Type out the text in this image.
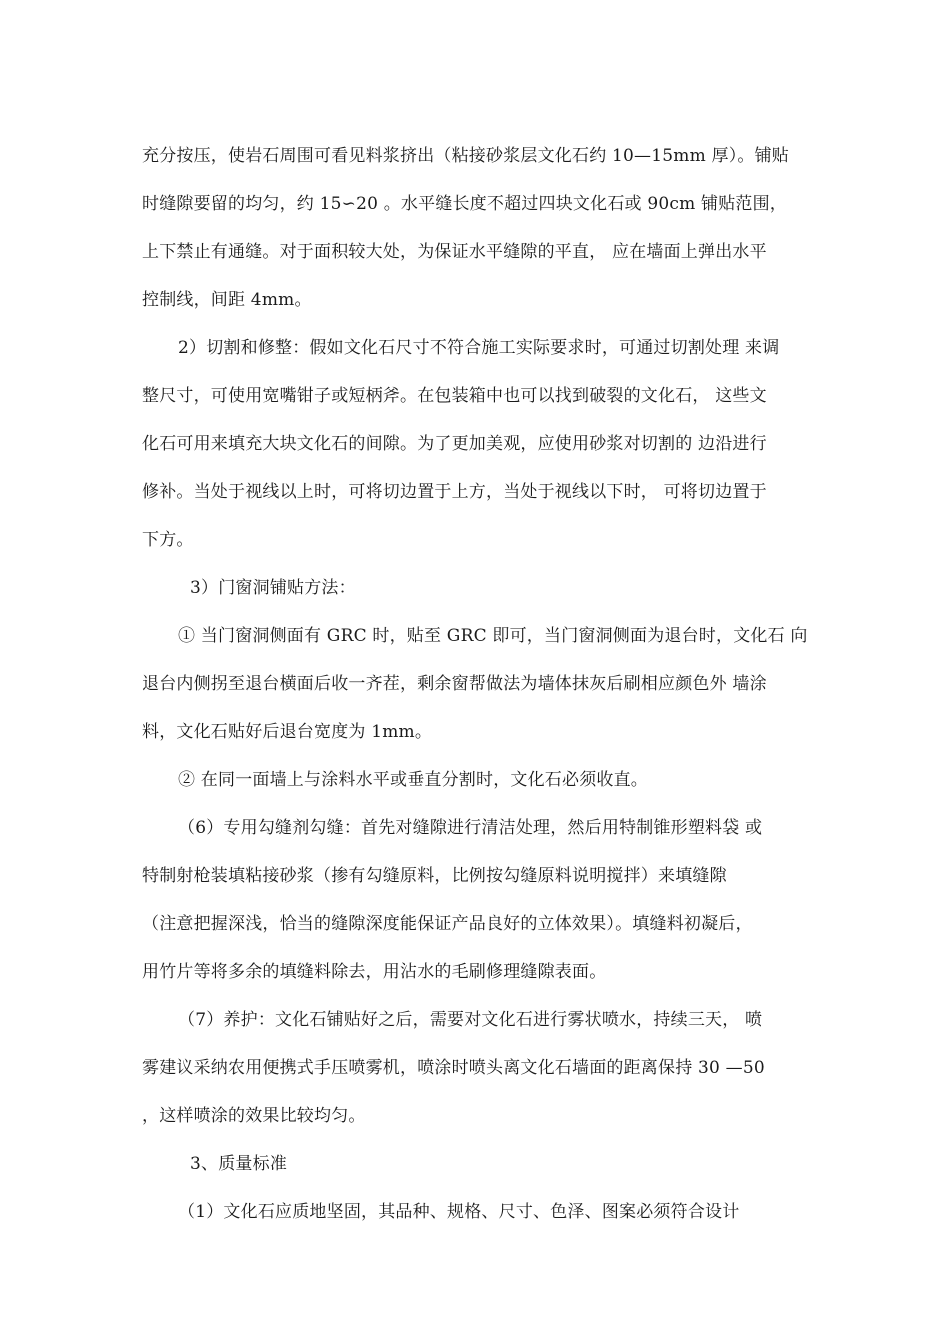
充分按压，使岩石周围可看见料浆挤出（粘接砂浆层文化石约 10—15mm 厚）。铺贴
时缝隙要留的均匀，约 15∽20 。水平缝长度不超过四块文化石或 90cm 铺贴范围，
上下禁止有通缝。对于面积较大处，为保证水平缝隙的平直， 应在墙面上弹出水平
控制线，间距 4mm。
2）切割和修整：假如文化石尺寸不符合施工实际要求时，可通过切割处理 来调
整尺寸，可使用宽嘴钳子或短柄斧。在包装箱中也可以找到破裂的文化石， 这些文
化石可用来填充大块文化石的间隙。为了更加美观，应使用砂浆对切割的 边沿进行
修补。当处于视线以上时，可将切边置于上方，当处于视线以下时， 可将切边置于
下方。
3）门窗洞铺贴方法：
① 当门窗洞侧面有 GRC 时，贴至 GRC 即可，当门窗洞侧面为退台时，文化石 向
退台内侧拐至退台横面后收一齐茬，剩余窗帮做法为墙体抹灰后刷相应颜色外 墙涂
料，文化石贴好后退台宽度为 1mm。
② 在同一面墙上与涂料水平或垂直分割时，文化石必须收直。
（6）专用勾缝剂勾缝：首先对缝隙进行清洁处理，然后用特制锥形塑料袋 或
特制射枪装填粘接砂浆（掺有勾缝原料，比例按勾缝原料说明搅拌）来填缝隙
（注意把握深浅，恰当的缝隙深度能保证产品良好的立体效果）。填缝料初凝后，
用竹片等将多余的填缝料除去，用沾水的毛刷修理缝隙表面。
（7）养护：文化石铺贴好之后，需要对文化石进行雾状喷水，持续三天， 喷
雾建议采纳农用便携式手压喷雾机，喷涂时喷头离文化石墙面的距离保持 30 —50
，这样喷涂的效果比较均匀。
3、质量标准
（1）文化石应质地坚固，其品种、规格、尺寸、色泽、图案必须符合设计
